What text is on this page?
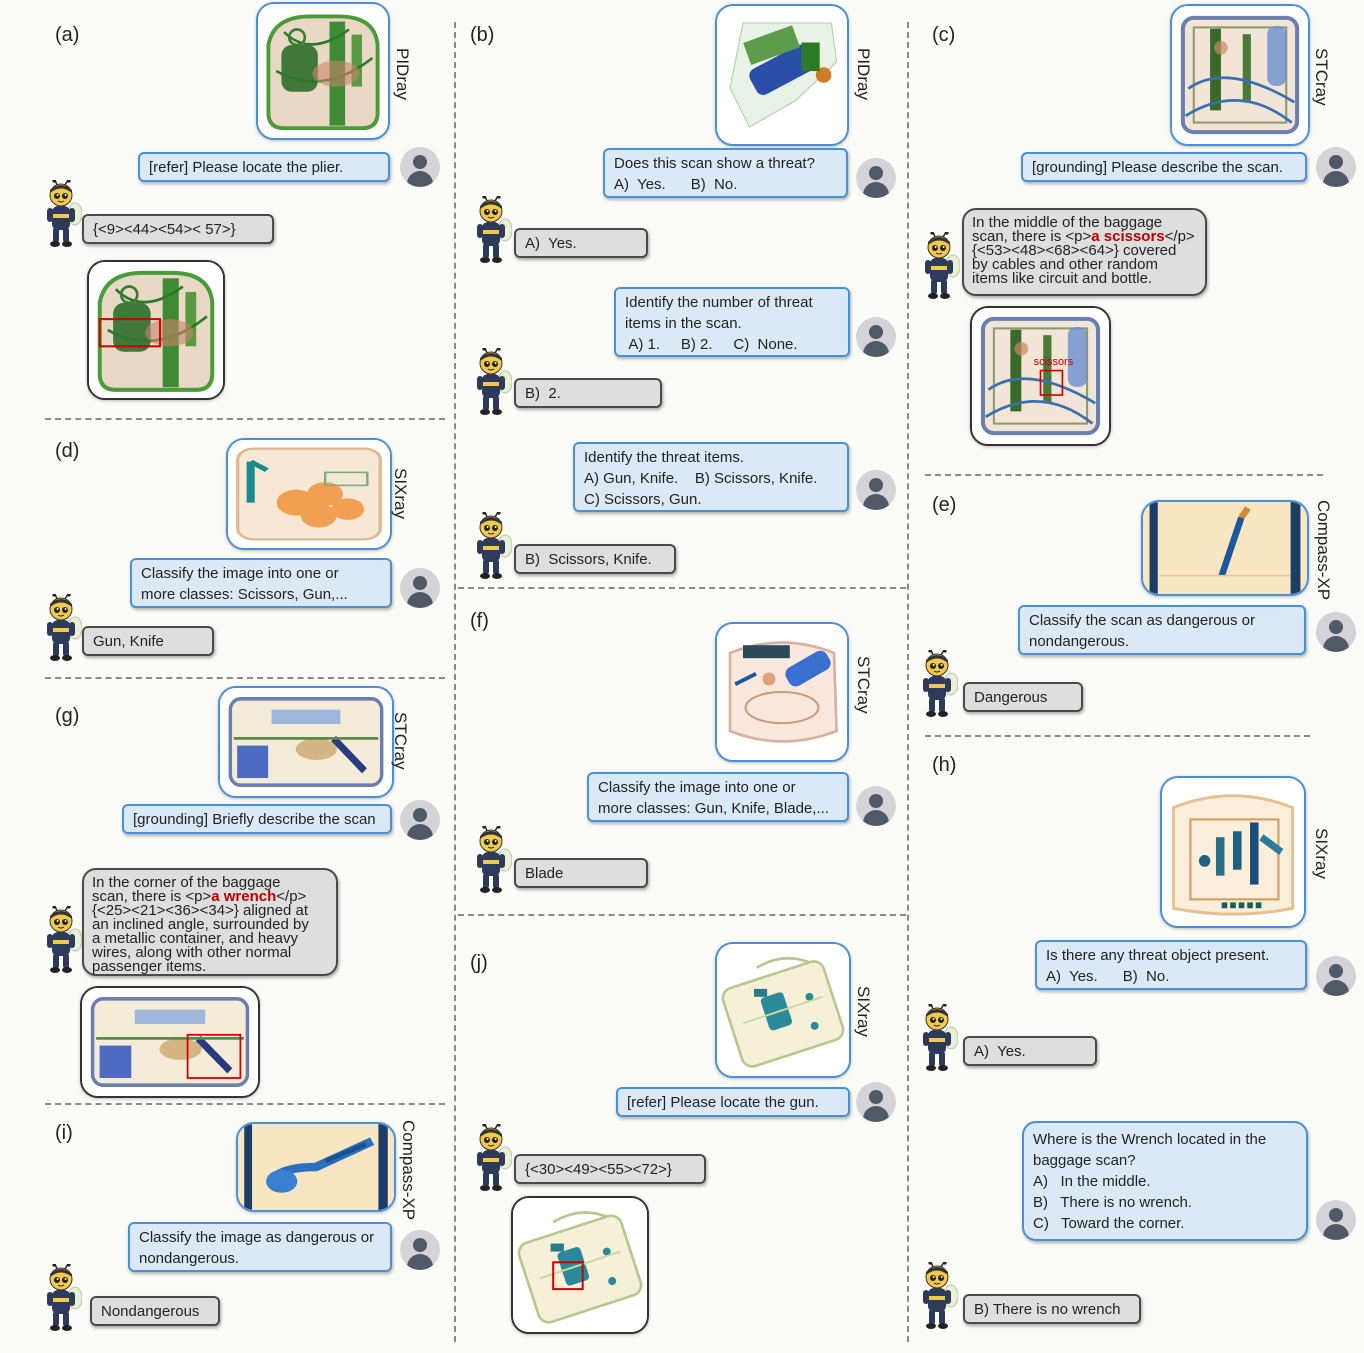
(a)
PIDray
[refer] Please locate the plier.
{<9><44><54>< 57>}
(b)
PIDray
Does this scan show a threat?
A)  Yes.      B)  No.
A)  Yes.
Identify the number of threat
items in the scan.
A) 1.     B) 2.     C)  None.
B)  2.
Identify the threat items.
A) Gun, Knife.    B) Scissors, Knife.
C) Scissors, Gun.
B)  Scissors, Knife.
(c)
STCray
[grounding] Please describe the scan.
In the middle of the baggage
scan, there is <p>a scissors</p>
{<53><48><68><64>} covered
by cables and other random
items like circuit and bottle.
scissors
(d)
SIXray
Classify the image into one or
more classes: Scissors, Gun,...
Gun, Knife
(e)	Compass-XP
Classify the scan as dangerous or
nondangerous.
Dangerous
(f)
STCray
Classify the image into one or
more classes: Gun, Knife, Blade,...
Blade
(g)	STCray
[grounding] Briefly describe the scan
In the corner of the baggage
scan, there is <p>a wrench</p>
{<25><21><36><34>} aligned at
an inclined angle, surrounded by
a metallic container, and heavy
wires, along with other normal
passenger items.
(h)
SIXray
Is there any threat object present.
A)  Yes.      B)  No.
A)  Yes.
Where is the Wrench located in the
baggage scan?
A)   In the middle.
B)   There is no wrench.
C)   Toward the corner.
B) There is no wrench
(i)	Compass-XP
Classify the image as dangerous or
nondangerous.
Nondangerous
(j)
SIXray
[refer] Please locate the gun.
{<30><49><55><72>}
